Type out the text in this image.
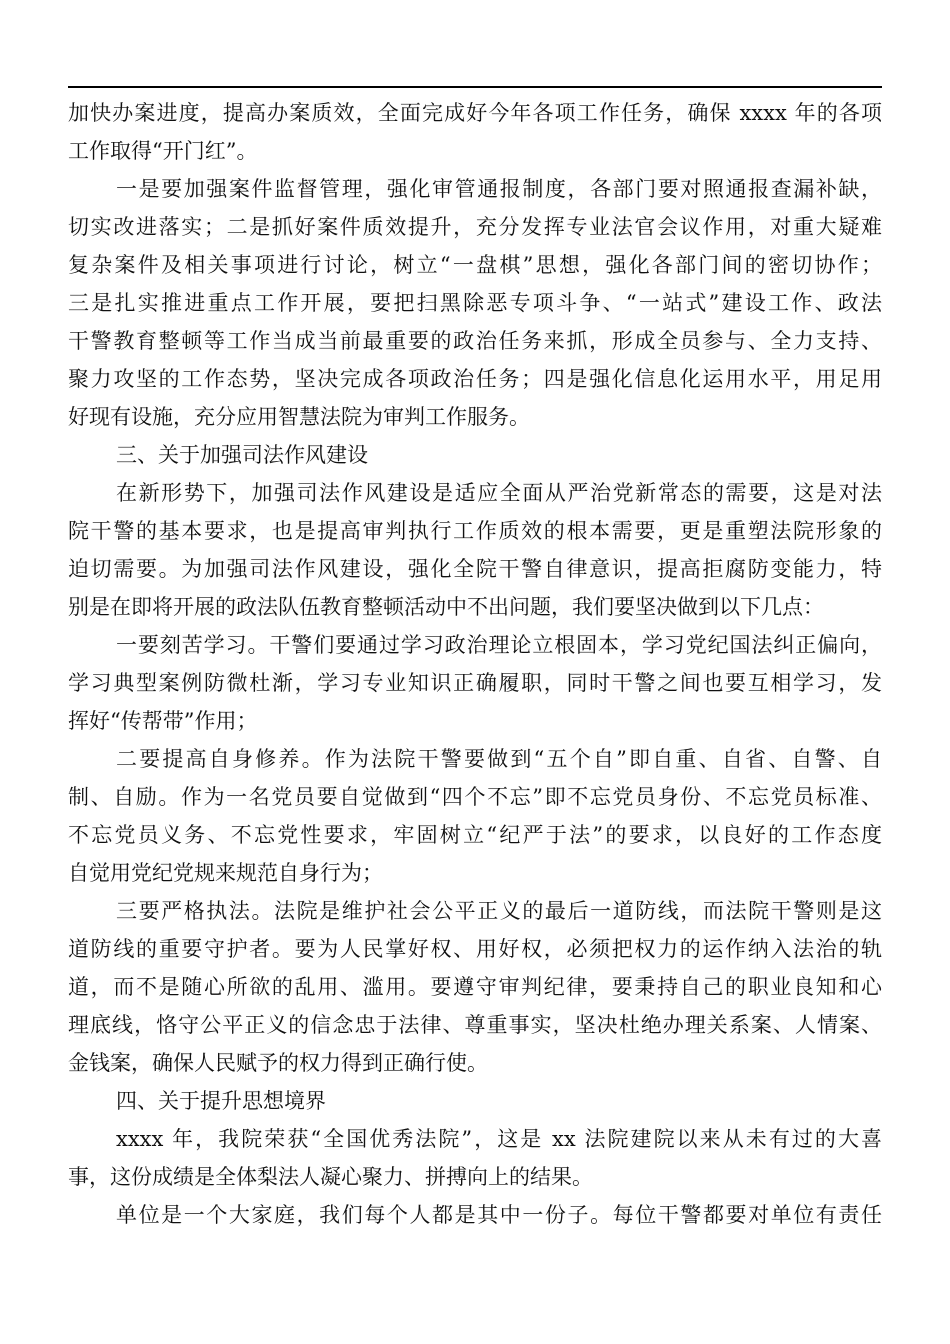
加快办案进度，提高办案质效，全面完成好今年各项工作任务，确保 xxxx 年的各项
工作取得“开门红”。
一是要加强案件监督管理，强化审管通报制度，各部门要对照通报查漏补缺，
切实改进落实；二是抓好案件质效提升，充分发挥专业法官会议作用，对重大疑难
复杂案件及相关事项进行讨论，树立“一盘棋”思想，强化各部门间的密切协作；
三是扎实推进重点工作开展，要把扫黑除恶专项斗争、“一站式”建设工作、政法
干警教育整顿等工作当成当前最重要的政治任务来抓，形成全员参与、全力支持、
聚力攻坚的工作态势，坚决完成各项政治任务；四是强化信息化运用水平，用足用
好现有设施，充分应用智慧法院为审判工作服务。
三、关于加强司法作风建设
在新形势下，加强司法作风建设是适应全面从严治党新常态的需要，这是对法
院干警的基本要求，也是提高审判执行工作质效的根本需要，更是重塑法院形象的
迫切需要。为加强司法作风建设，强化全院干警自律意识，提高拒腐防变能力，特
别是在即将开展的政法队伍教育整顿活动中不出问题，我们要坚决做到以下几点：
一要刻苦学习。干警们要通过学习政治理论立根固本，学习党纪国法纠正偏向，
学习典型案例防微杜渐，学习专业知识正确履职，同时干警之间也要互相学习，发
挥好“传帮带”作用；
二要提高自身修养。作为法院干警要做到“五个自”即自重、自省、自警、自
制、自励。作为一名党员要自觉做到“四个不忘”即不忘党员身份、不忘党员标准、
不忘党员义务、不忘党性要求，牢固树立“纪严于法”的要求，以良好的工作态度
自觉用党纪党规来规范自身行为；
三要严格执法。法院是维护社会公平正义的最后一道防线，而法院干警则是这
道防线的重要守护者。要为人民掌好权、用好权，必须把权力的运作纳入法治的轨
道，而不是随心所欲的乱用、滥用。要遵守审判纪律，要秉持自己的职业良知和心
理底线，恪守公平正义的信念忠于法律、尊重事实，坚决杜绝办理关系案、人情案、
金钱案，确保人民赋予的权力得到正确行使。
四、关于提升思想境界
xxxx 年，我院荣获“全国优秀法院”，这是 xx 法院建院以来从未有过的大喜
事，这份成绩是全体梨法人凝心聚力、拼搏向上的结果。
单位是一个大家庭，我们每个人都是其中一份子。每位干警都要对单位有责任
